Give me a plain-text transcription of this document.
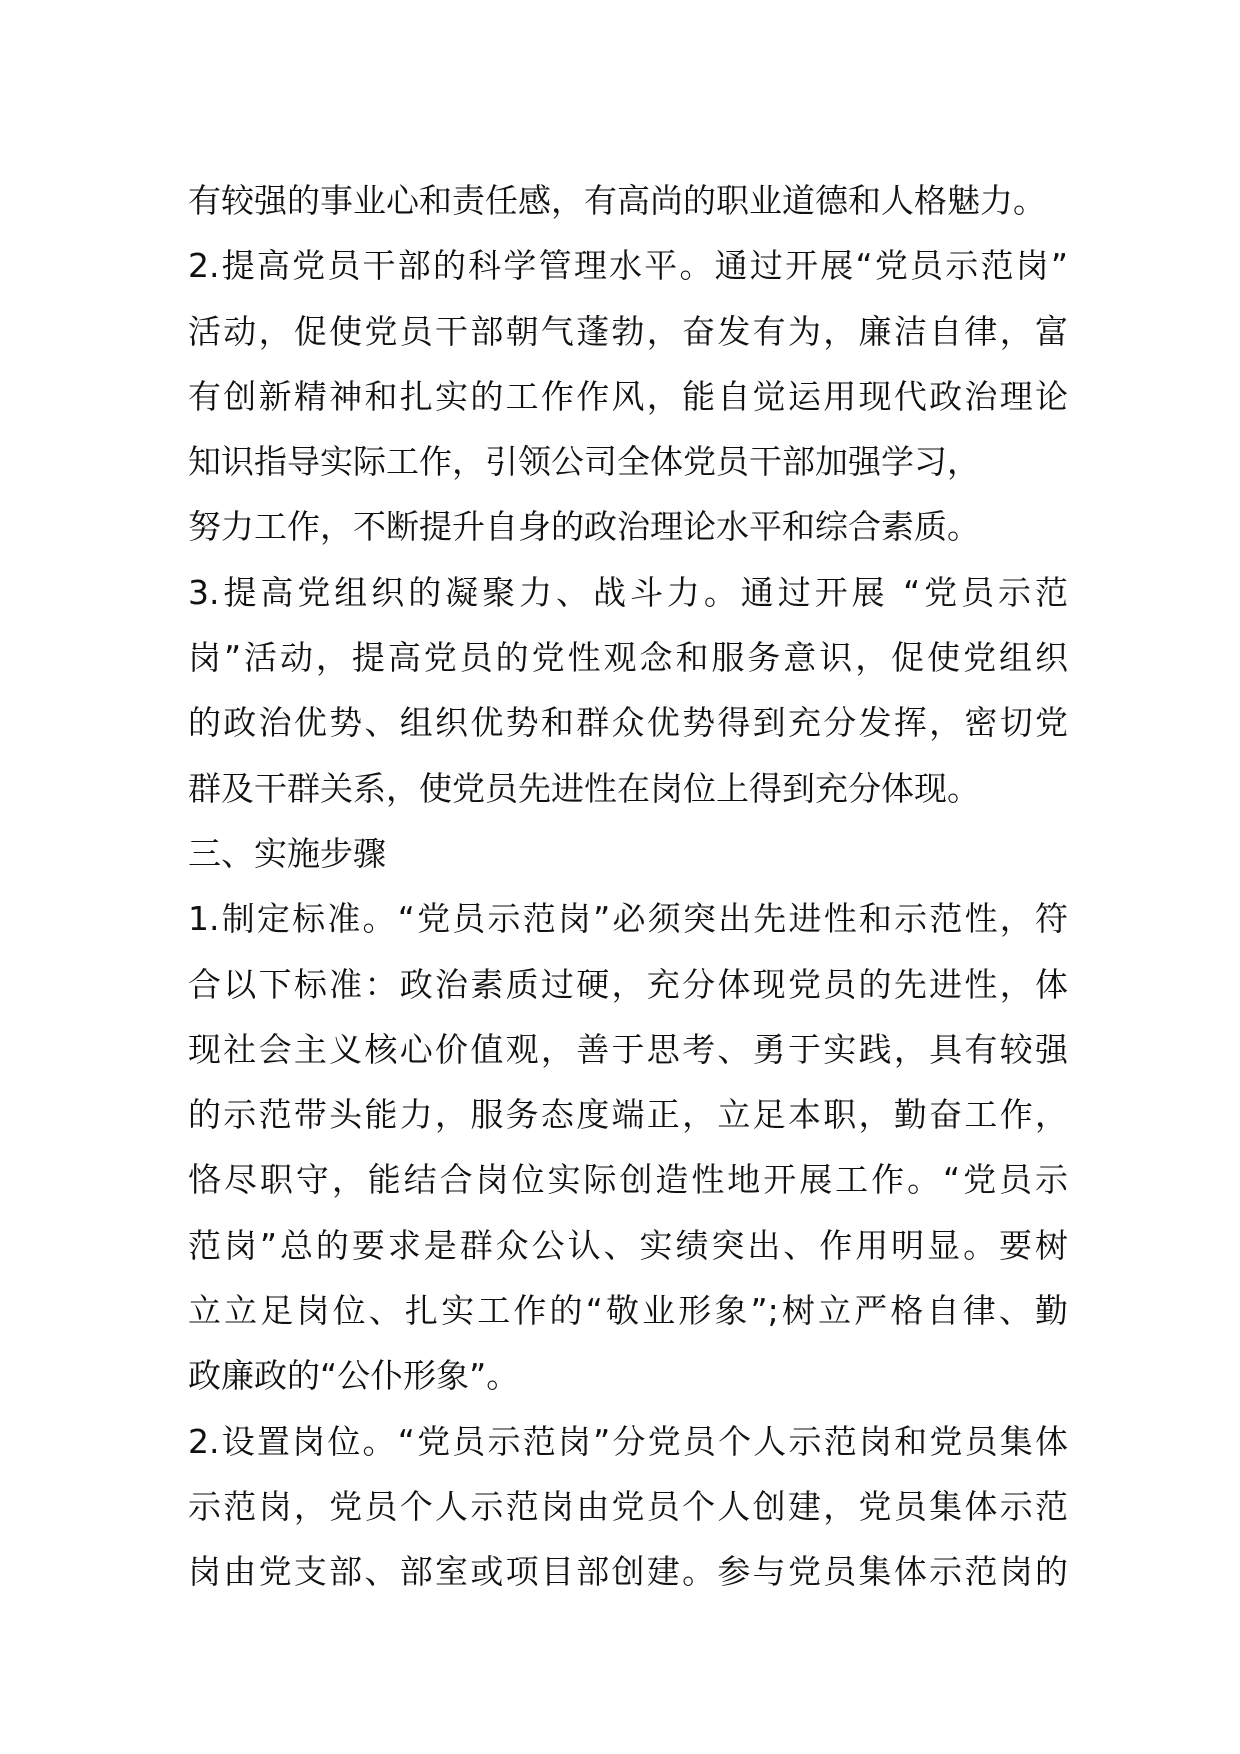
有较强的事业心和责任感，有高尚的职业道德和人格魅力。
2.提高党员干部的科学管理水平。通过开展“党员示范岗”
活动，促使党员干部朝气蓬勃，奋发有为，廉洁自律，富
有创新精神和扎实的工作作风，能自觉运用现代政治理论
知识指导实际工作，引领公司全体党员干部加强学习，
努力工作，不断提升自身的政治理论水平和综合素质。
3.提高党组织的凝聚力、战斗力。通过开展 “党员示范
岗”活动，提高党员的党性观念和服务意识，促使党组织
的政治优势、组织优势和群众优势得到充分发挥，密切党
群及干群关系，使党员先进性在岗位上得到充分体现。
三、实施步骤
1.制定标准。“党员示范岗”必须突出先进性和示范性，符
合以下标准：政治素质过硬，充分体现党员的先进性，体
现社会主义核心价值观，善于思考、勇于实践，具有较强
的示范带头能力，服务态度端正，立足本职，勤奋工作，
恪尽职守，能结合岗位实际创造性地开展工作。“党员示
范岗”总的要求是群众公认、实绩突出、作用明显。要树
立立足岗位、扎实工作的“敬业形象”;树立严格自律、勤
政廉政的“公仆形象”。
2.设置岗位。“党员示范岗”分党员个人示范岗和党员集体
示范岗，党员个人示范岗由党员个人创建，党员集体示范
岗由党支部、部室或项目部创建。参与党员集体示范岗的
